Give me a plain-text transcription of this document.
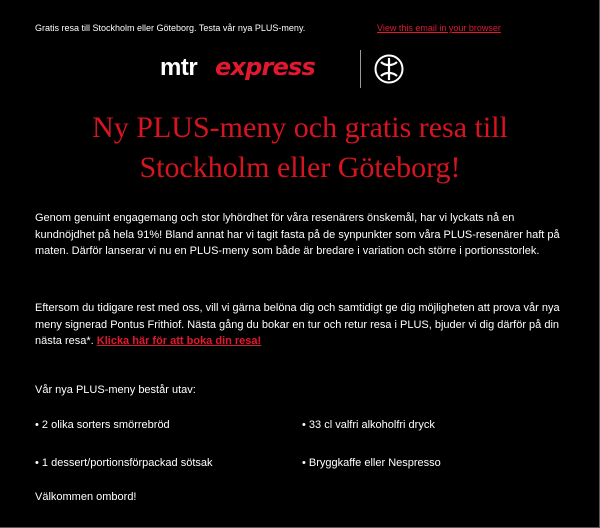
Gratis resa till Stockholm eller Göteborg. Testa vår nya PLUS-meny.	View this email in your browser
mtr express
Ny PLUS-meny och gratis resa till
Stockholm eller Göteborg!

Genom genuint engagemang och stor lyhördhet för våra resenärers önskemål, har vi lyckats nå en kundnöjdhet på hela 91%! Bland annat har vi tagit fasta på de synpunkter som våra PLUS-resenärer haft på maten. Därför lanserar vi nu en PLUS-meny som både är bredare i variation och större i portionsstorlek.

Eftersom du tidigare rest med oss, vill vi gärna belöna dig och samtidigt ge dig möjligheten att prova vår nya meny signerad Pontus Frithiof. Nästa gång du bokar en tur och retur resa i PLUS, bjuder vi dig därför på din nästa resa*. Klicka här för att boka din resa!

Vår nya PLUS-meny består utav:

• 2 olika sorters smörrebröd	• 33 cl valfri alkoholfri dryck
• 1 dessert/portionsförpackad sötsak	• Bryggkaffe eller Nespresso

Välkommen ombord!
